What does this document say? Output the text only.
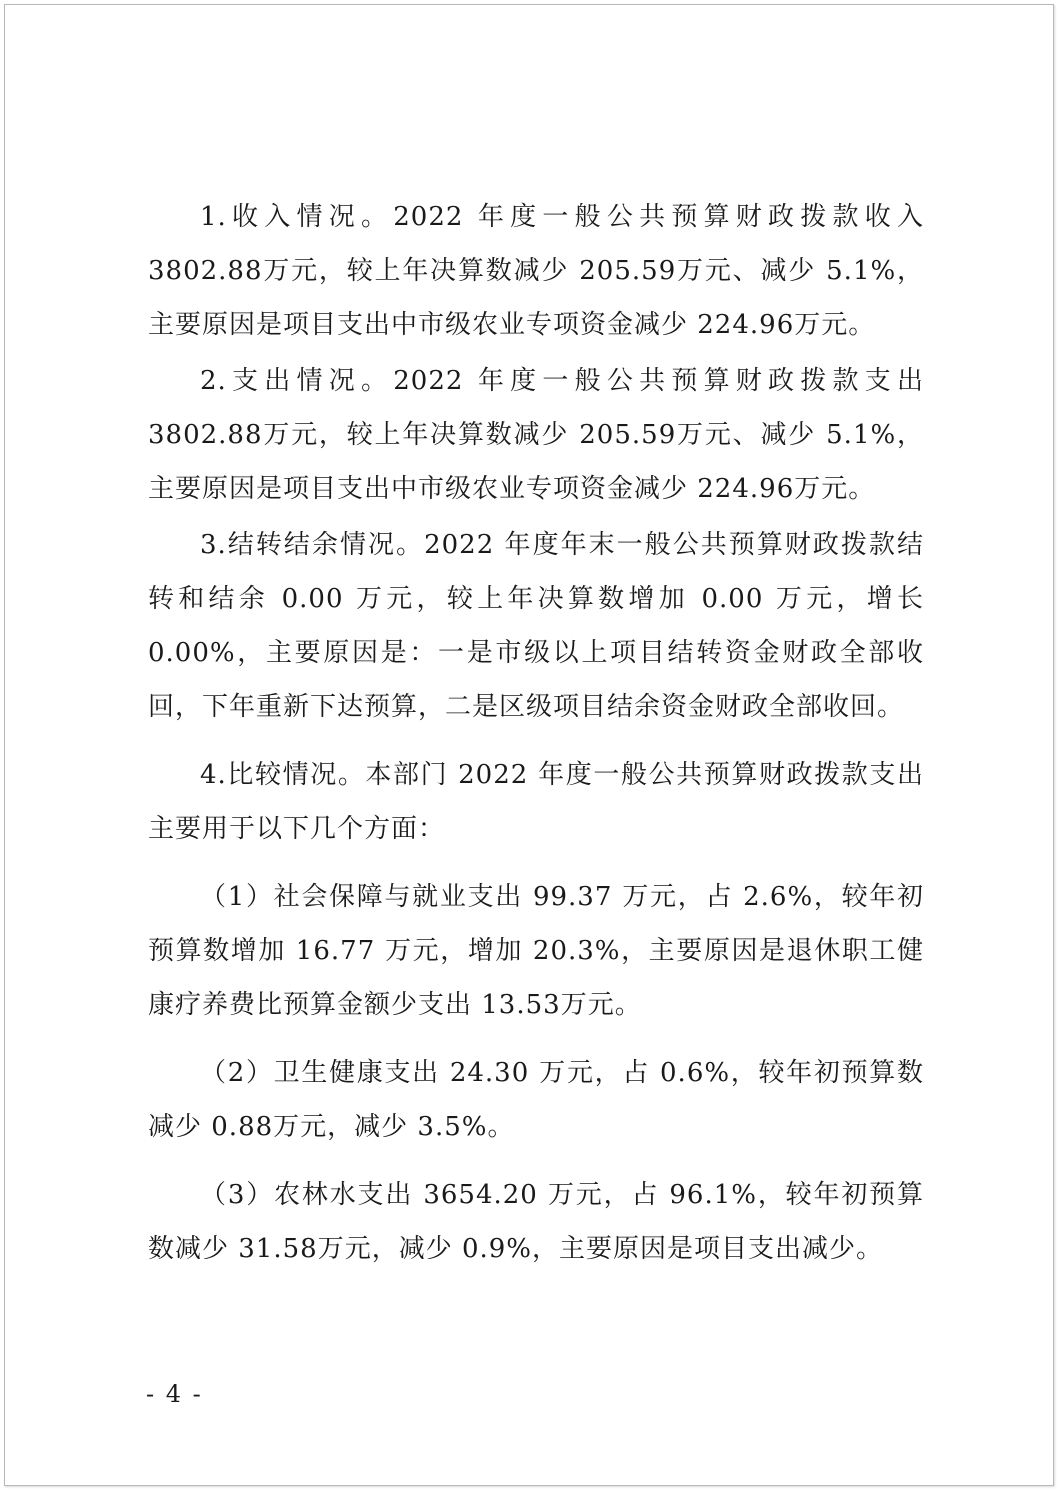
1.收入情况。2022 年度一般公共预算财政拨款收入 3802.88万元，较上年决算数减少 205.59万元、减少 5.1%，主要原因是项目支出中市级农业专项资金减少 224.96万元。

2.支出情况。2022 年度一般公共预算财政拨款支出 3802.88万元，较上年决算数减少 205.59万元、减少 5.1%，主要原因是项目支出中市级农业专项资金减少 224.96万元。

3.结转结余情况。2022 年度年末一般公共预算财政拨款结转和结余 0.00 万元，较上年决算数增加 0.00 万元，增长 0.00%，主要原因是：一是市级以上项目结转资金财政全部收回，下年重新下达预算，二是区级项目结余资金财政全部收回。

4.比较情况。本部门 2022 年度一般公共预算财政拨款支出主要用于以下几个方面：

（1）社会保障与就业支出 99.37 万元，占 2.6%，较年初预算数增加 16.77 万元，增加 20.3%，主要原因是退休职工健康疗养费比预算金额少支出 13.53万元。

（2）卫生健康支出 24.30 万元，占 0.6%，较年初预算数减少 0.88万元，减少 3.5%。

（3）农林水支出 3654.20 万元，占 96.1%，较年初预算数减少 31.58万元，减少 0.9%，主要原因是项目支出减少。

- 4 -
